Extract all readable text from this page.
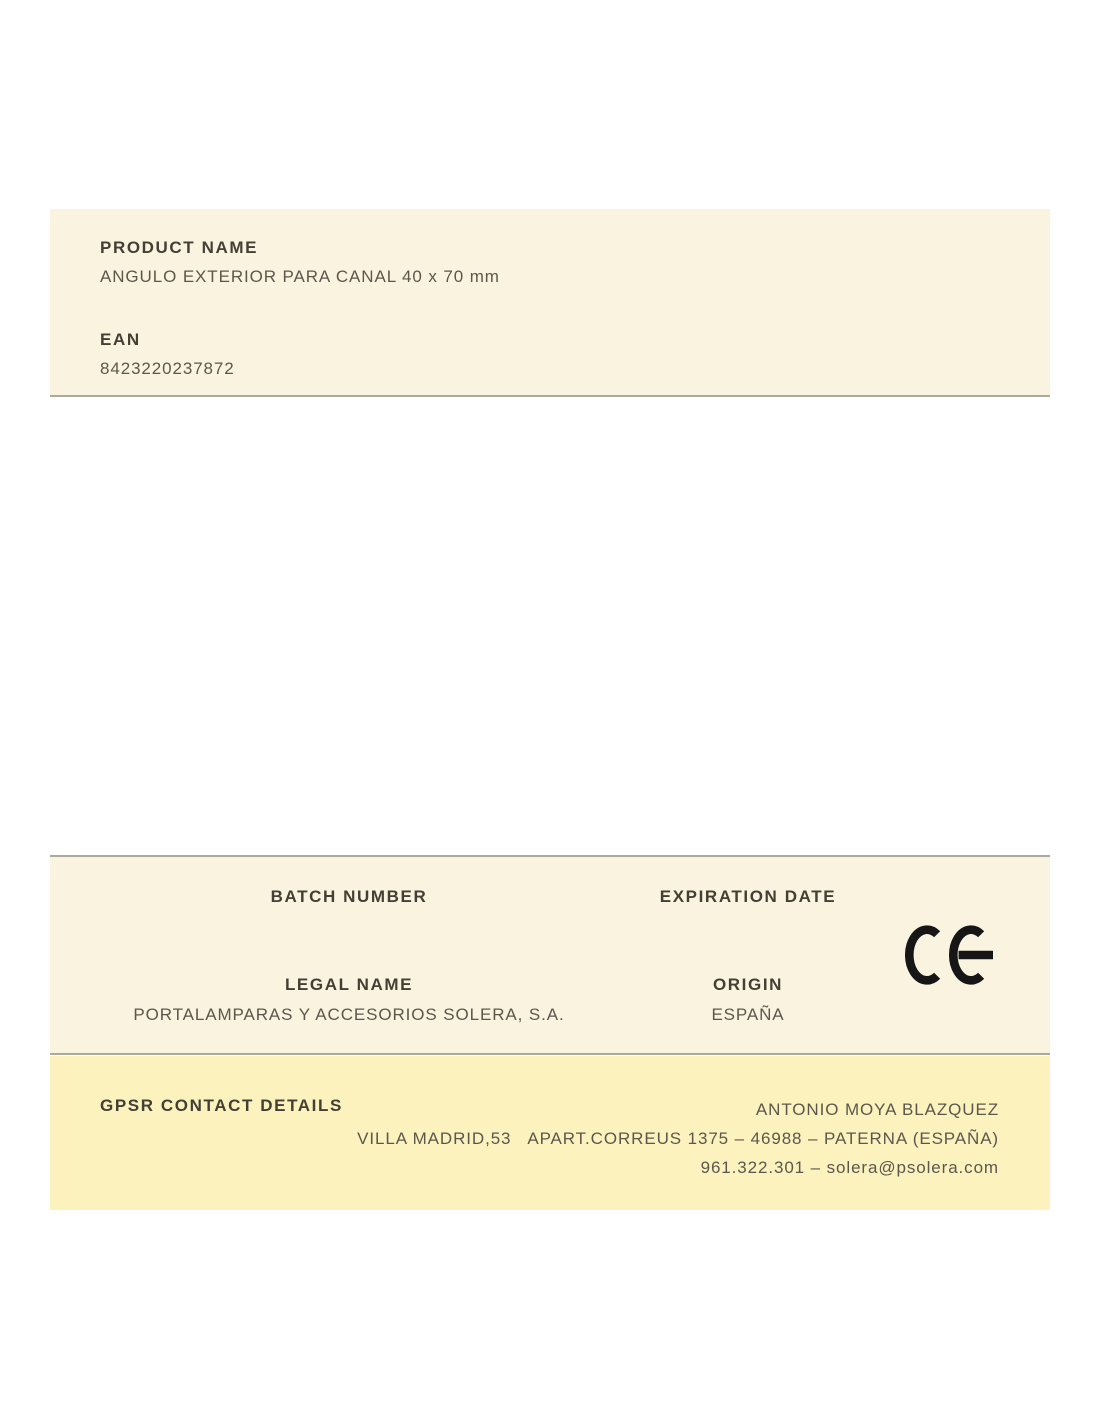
PRODUCT NAME
ANGULO EXTERIOR PARA CANAL 40 x 70 mm
EAN
8423220237872
BATCH NUMBER
LEGAL NAME
PORTALAMPARAS Y ACCESORIOS SOLERA, S.A.
EXPIRATION DATE
ORIGIN
ESPAÑA
GPSR CONTACT DETAILS	ANTONIO MOYA BLAZQUEZ
VILLA MADRID,53   APART.CORREUS 1375 – 46988 – PATERNA (ESPAÑA)
961.322.301 – solera@psolera.com
